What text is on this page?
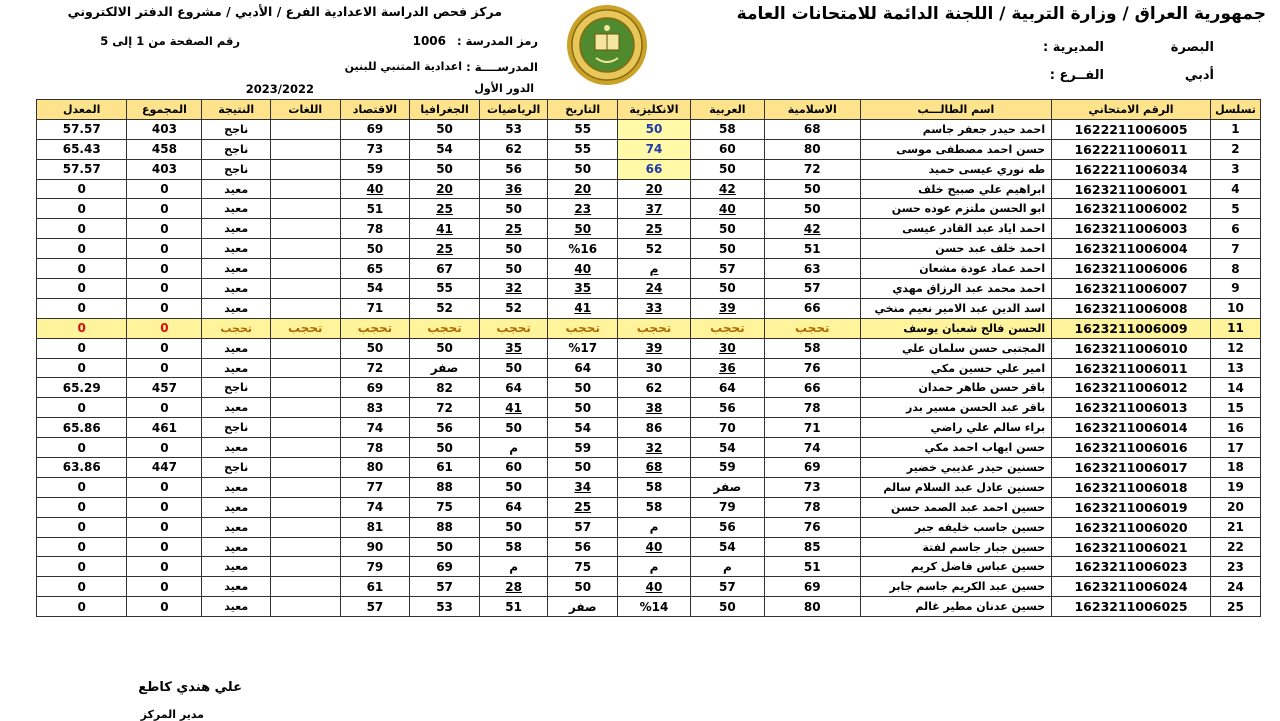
جمهورية العراق / وزارة التربية / اللجنة الدائمة للامتحانات العامة
مركز فحص الدراسة الاعدادية الفرع / الأدبي / مشروع الدفتر الالكتروني
المديرية :	البصرة
الفــرع :	أدبي
رمز المدرسة :
1006
رقم الصفحة من 1 إلى 5
المدرســــة :
اعدادية المتنبي للبنين
الدور الأول
2023/2022
تسلسل	الرقم الامتحاني	اسم الطالـــب	الاسلامية	العربية	الانكليزية	التاريخ	الرياضيات	الجغرافيا	الاقتصاد	اللغات	النتيجة	المجموع	المعدل
1	1622211006005	احمد حيدر جعفر جاسم	68	58	50	55	53	50	69		ناجح	403	57.57
2	1622211006011	حسن احمد مصطفى موسى	80	60	74	55	62	54	73		ناجح	458	65.43
3	1622211006034	طه نوري عيسى حميد	72	50	66	50	56	50	59		ناجح	403	57.57
4	1623211006001	ابراهيم علي صبيح خلف	50	42	20	20	36	20	40		معيد	0	0
5	1623211006002	ابو الحسن ملتزم عوده حسن	50	40	37	23	50	25	51		معيد	0	0
6	1623211006003	احمد اياد عبد القادر عيسى	42	50	25	50	25	41	78		معيد	0	0
7	1623211006004	احمد خلف عبد حسن	51	50	52	%16	50	25	50		معيد	0	0
8	1623211006006	احمد عماد عودة مشعان	63	57	م	40	50	67	65		معيد	0	0
9	1623211006007	احمد محمد عبد الرزاق مهدي	57	50	24	35	32	55	54		معيد	0	0
10	1623211006008	اسد الدين عبد الامير نعيم منخي	66	39	33	41	52	52	71		معيد	0	0
11	1623211006009	الحسن فالح شعبان يوسف	تحجب	تحجب	تحجب	تحجب	تحجب	تحجب	تحجب	تحجب	تحجب	0	0
12	1623211006010	المجتبى حسن سلمان علي	58	30	39	%17	35	50	50		معيد	0	0
13	1623211006011	امير علي حسين مكي	76	36	30	64	50	صفر	72		معيد	0	0
14	1623211006012	باقر حسن طاهر حمدان	66	64	62	50	64	82	69		ناجح	457	65.29
15	1623211006013	باقر عبد الحسن مسير بدر	78	56	38	50	41	72	83		معيد	0	0
16	1623211006014	براء سالم علي راضي	71	70	86	54	50	56	74		ناجح	461	65.86
17	1623211006016	حسن ايهاب احمد مكي	74	54	32	59	م	50	78		معيد	0	0
18	1623211006017	حسنين حيدر عذيبي خضير	69	59	68	50	60	61	80		ناجح	447	63.86
19	1623211006018	حسنين عادل عبد السلام سالم	73	صفر	58	34	50	88	77		معيد	0	0
20	1623211006019	حسين احمد عبد الصمد حسن	78	79	58	25	64	75	74		معيد	0	0
21	1623211006020	حسين جاسب خليفه جبر	76	56	م	57	50	88	81		معيد	0	0
22	1623211006021	حسين جبار جاسم لفتة	85	54	40	56	58	50	90		معيد	0	0
23	1623211006023	حسين عباس فاضل كريم	51	م	م	75	م	69	79		معيد	0	0
24	1623211006024	حسين عبد الكريم جاسم جابر	69	57	40	50	28	57	61		معيد	0	0
25	1623211006025	حسين عدنان مطير غالم	80	50	%14	صفر	51	53	57		معيد	0	0
علي هندي كاطع
مدير المركز
